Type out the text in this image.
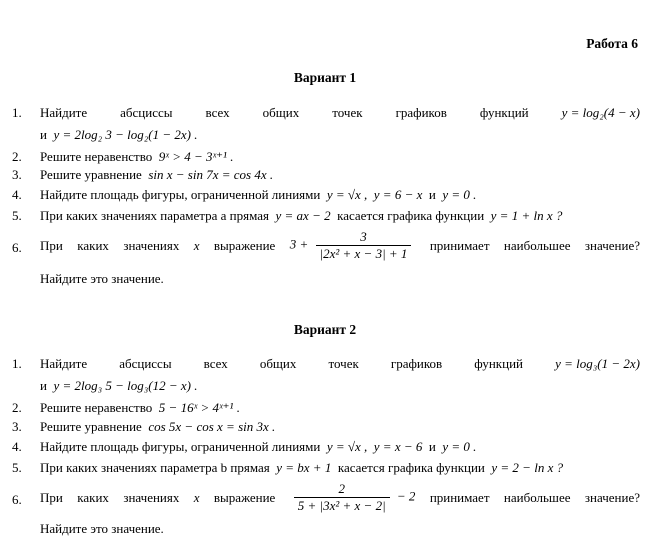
Работа 6
Вариант 1
1. Найдите	абсциссы	всех	общих	точек	графиков	функций	y = log₂(4 − x)
и y = 2log₂ 3 − log₂(1 − 2x) .
2. Решите неравенство 9ˣ > 4 − 3ˣ⁺¹ .
3. Решите уравнение sin x − sin 7x = cos 4x .
4. Найдите площадь фигуры, ограниченной линиями y = √x , y = 6 − x и y = 0 .
5. При каких значениях параметра a прямая y = ax − 2 касается графика функции y = 1 + ln x ?
6. При каких значениях x выражение $3 + \frac{3}{\text{|2x² + x − 3| + 1}}$ принимает наибольшее значение?
Найдите это значение.
Вариант 2
1. Найдите абсциссы всех общих точек графиков функций y = log₃(1 − 2x)
и y = 2log₃ 5 − log₃(12 − x) .
2. Решите неравенство 5 − 16ˣ > 4ˣ⁺¹ .
3. Решите уравнение cos 5x − cos x = sin 3x .
4. Найдите площадь фигуры, ограниченной линиями y = √x , y = x − 6 и y = 0 .
5. При каких значениях параметра b прямая y = bx + 1 касается графика функции y = 2 − ln x ?
6. При каких значениях x выражение $\frac{2}{\text{5 + |3x² + x − 2|}} - 2$ принимает наибольшее значение?
Найдите это значение.
